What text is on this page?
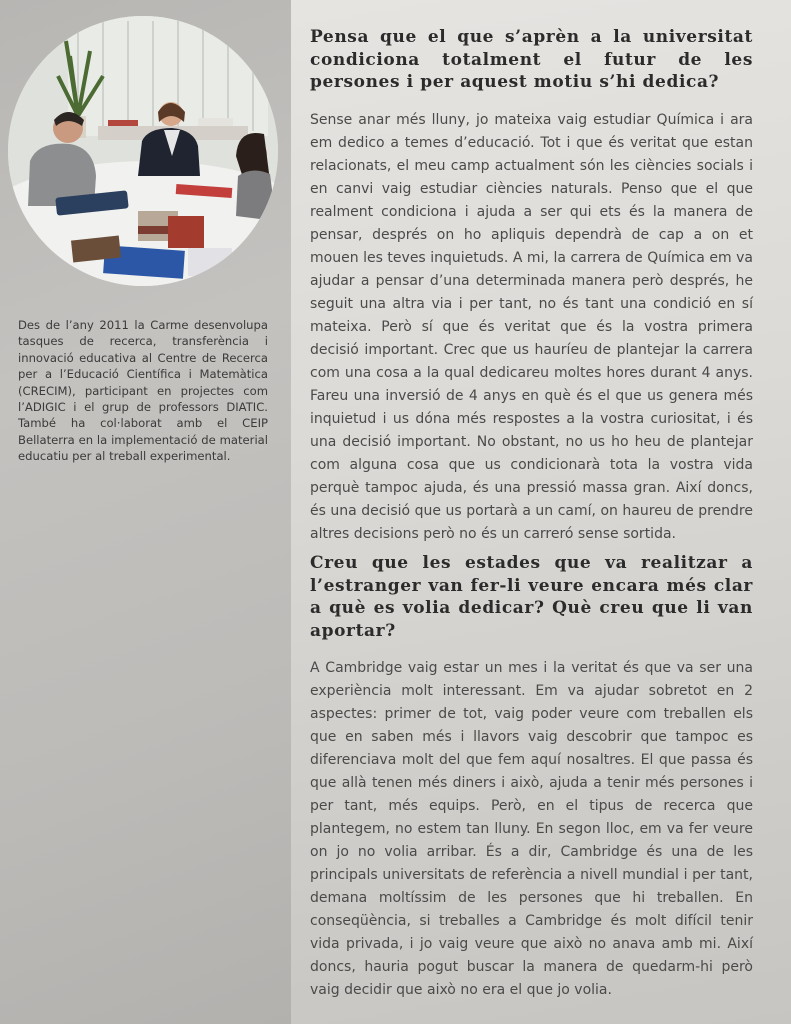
Des de l’any 2011 la Carme desenvolupa tasques de recerca, transferència i innovació educativa al Centre de Recerca per a l’Educació Científica i Matemàtica (CRECIM), participant en projectes com l’ADIGIC i el grup de professors DIATIC. També ha col·laborat amb el CEIP Bellaterra en la implementació de material educatiu per al treball experimental.

Pensa que el que s’aprèn a la universitat condiciona totalment el futur de les persones i per aquest motiu s’hi dedica?

Sense anar més lluny, jo mateixa vaig estudiar Química i ara em dedico a temes d’educació. Tot i que és veritat que estan relacionats, el meu camp actualment són les ciències socials i en canvi vaig estudiar ciències naturals. Penso que el que realment condiciona i ajuda a ser qui ets és la manera de pensar, després on ho apliquis dependrà de cap a on et mouen les teves inquietuds. A mi, la carrera de Química em va ajudar a pensar d’una determinada manera però després, he seguit una altra via i per tant, no és tant una condició en sí mateixa. Però sí que és veritat que és la vostra primera decisió important. Crec que us hauríeu de plantejar la carrera com una cosa a la qual dedicareu moltes hores durant 4 anys. Fareu una inversió de 4 anys en què és el que us genera més inquietud i us dóna més respostes a la vostra curiositat, i és una decisió important. No obstant, no us ho heu de plantejar com alguna cosa que us condicionarà tota la vostra vida perquè tampoc ajuda, és una pressió massa gran. Així doncs, és una decisió que us portarà a un camí, on haureu de prendre altres decisions però no és un carreró sense sortida.

Creu que les estades que va realitzar a l’estranger van fer-li veure encara més clar a què es volia dedicar? Què creu que li van aportar?

A Cambridge vaig estar un mes i la veritat és que va ser una experiència molt interessant. Em va ajudar sobretot en 2 aspectes: primer de tot, vaig poder veure com treballen els que en saben més i llavors vaig descobrir que tampoc es diferenciava molt del que fem aquí nosaltres. El que passa és que allà tenen més diners i això, ajuda a tenir més persones i per tant, més equips. Però, en el tipus de recerca que plantegem, no estem tan lluny. En segon lloc, em va fer veure on jo no volia arribar. És a dir, Cambridge és una de les principals universitats de referència a nivell mundial i per tant, demana moltíssim de les persones que hi treballen. En conseqüència, si treballes a Cambridge és molt difícil tenir vida privada, i jo vaig veure que això no anava amb mi. Així doncs, hauria pogut buscar la manera de quedarm-hi però vaig decidir que això no era el que jo volia.
